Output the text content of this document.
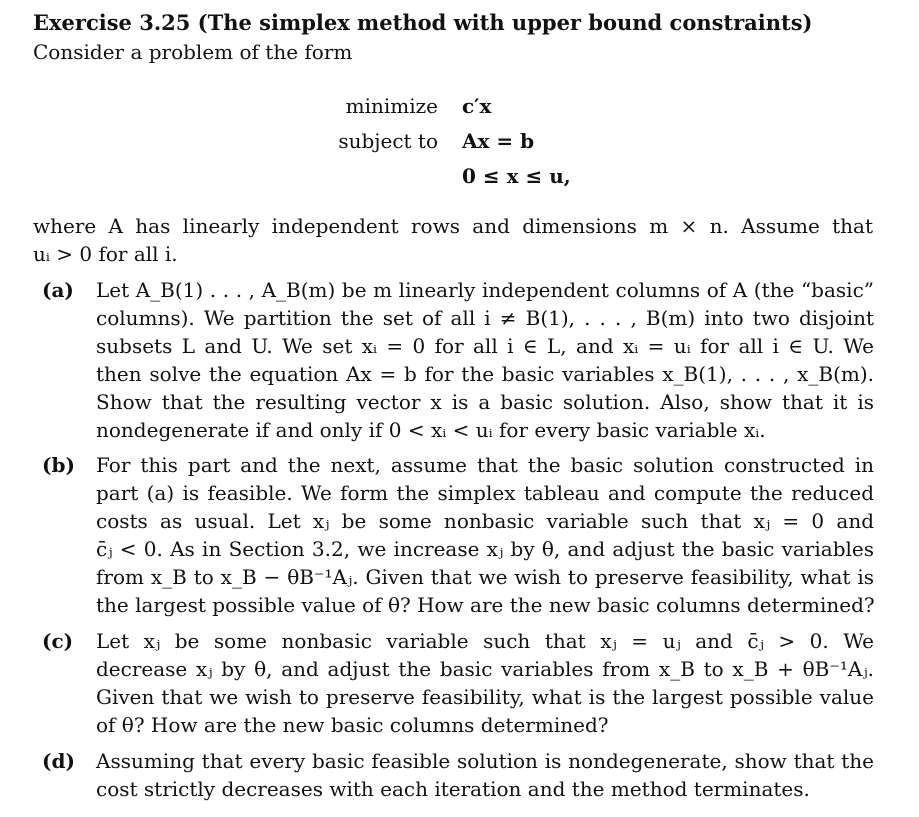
Exercise 3.25 (The simplex method with upper bound constraints)
Consider a problem of the form
minimize c′x
subject to Ax = b
0 ≤ x ≤ u,
where A has linearly independent rows and dimensions m × n. Assume that
uᵢ > 0 for all i.
(a) Let A_B(1) . . . , A_B(m) be m linearly independent columns of A (the “basic”
columns). We partition the set of all i ≠ B(1), . . . , B(m) into two disjoint
subsets L and U. We set xᵢ = 0 for all i ∈ L, and xᵢ = uᵢ for all i ∈ U. We
then solve the equation Ax = b for the basic variables x_B(1), . . . , x_B(m).
Show that the resulting vector x is a basic solution. Also, show that it is
nondegenerate if and only if 0 < xᵢ < uᵢ for every basic variable xᵢ.
(b) For this part and the next, assume that the basic solution constructed in
part (a) is feasible. We form the simplex tableau and compute the reduced
costs as usual. Let xⱼ be some nonbasic variable such that xⱼ = 0 and
c̄ⱼ < 0. As in Section 3.2, we increase xⱼ by θ, and adjust the basic variables
from x_B to x_B − θB⁻¹Aⱼ. Given that we wish to preserve feasibility, what is
the largest possible value of θ? How are the new basic columns determined?
(c) Let xⱼ be some nonbasic variable such that xⱼ = uⱼ and c̄ⱼ > 0. We
decrease xⱼ by θ, and adjust the basic variables from x_B to x_B + θB⁻¹Aⱼ.
Given that we wish to preserve feasibility, what is the largest possible value
of θ? How are the new basic columns determined?
(d) Assuming that every basic feasible solution is nondegenerate, show that the
cost strictly decreases with each iteration and the method terminates.
